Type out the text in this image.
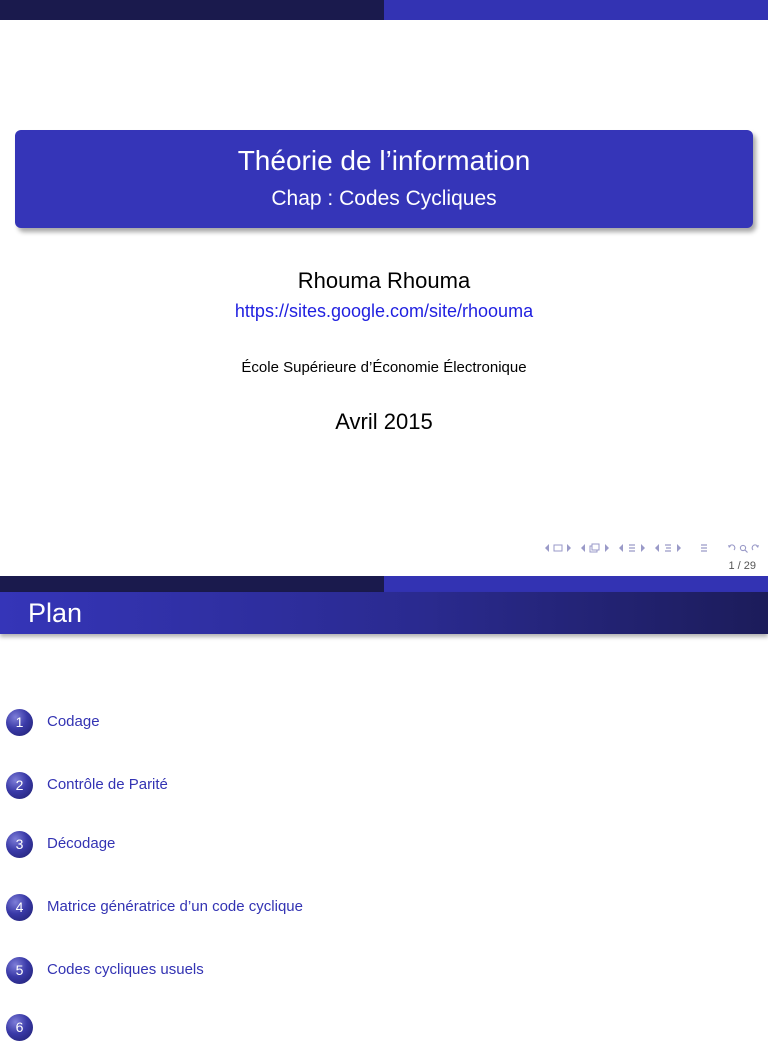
Théorie de l’information
Chap : Codes Cycliques
Rhouma Rhouma
https://sites.google.com/site/rhoouma
École Supérieure d’Économie Électronique
Avril 2015
1 / 29
Plan
1	Codage
2	Contrôle de Parité
3	Décodage
4	Matrice génératrice d’un code cyclique
5	Codes cycliques usuels
6
